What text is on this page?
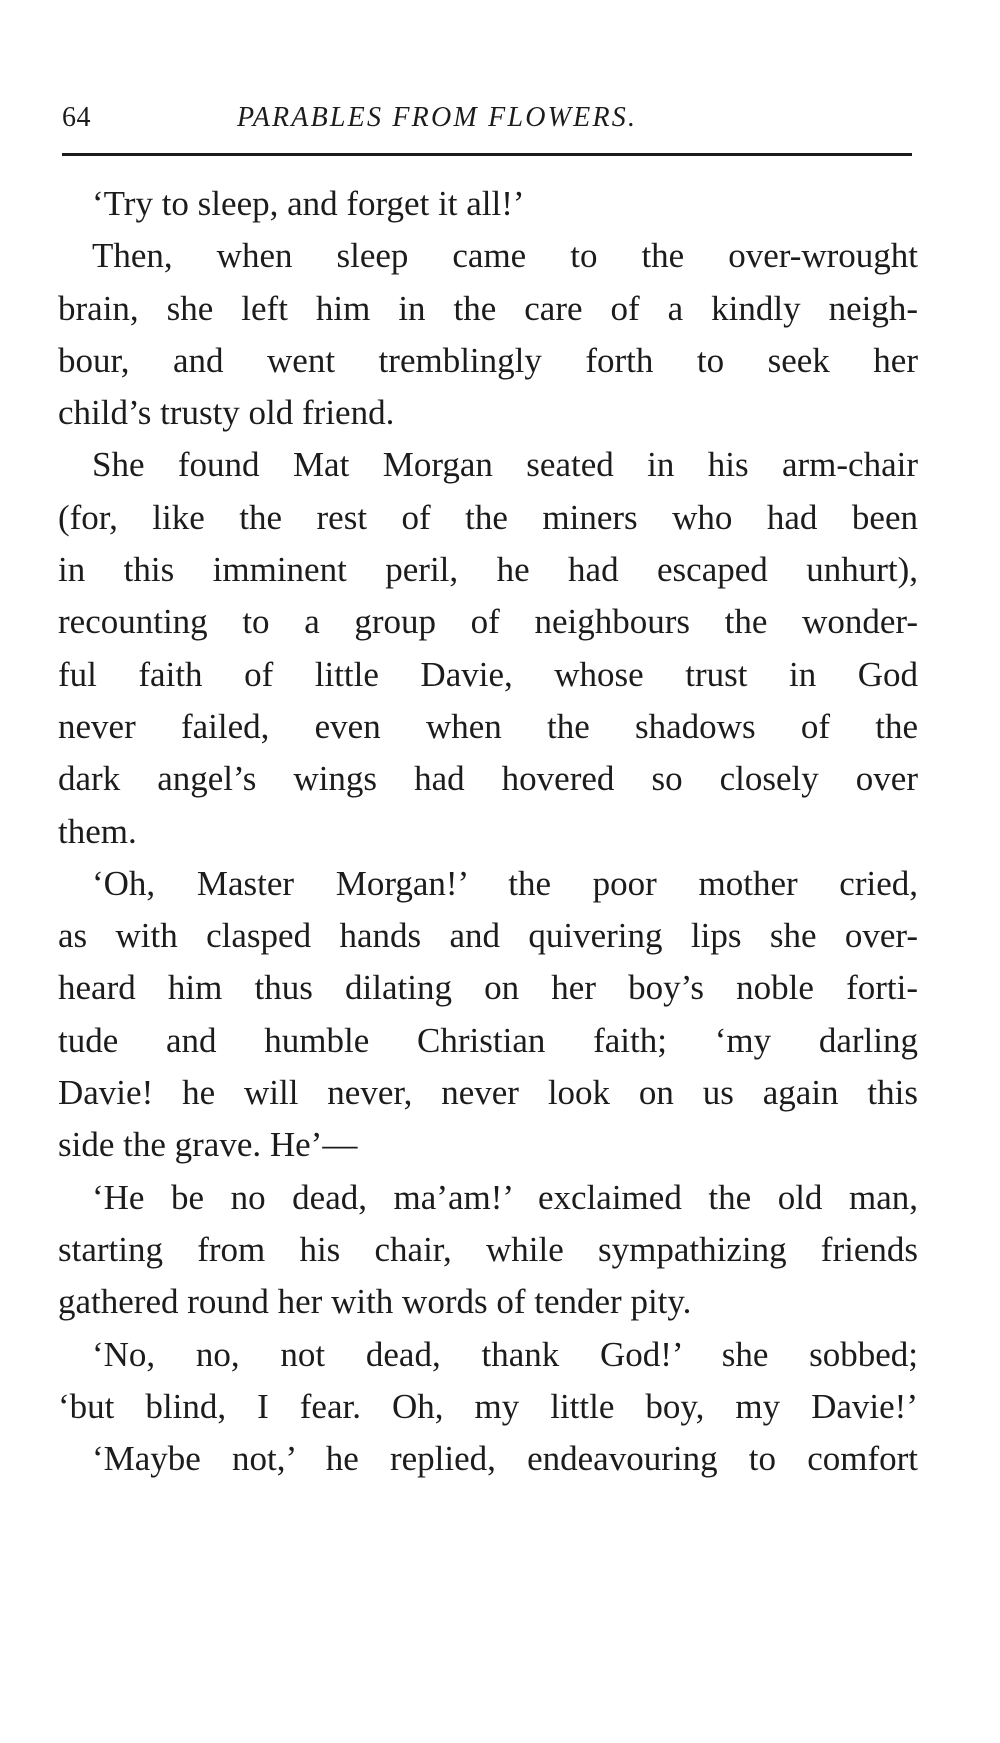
64	PARABLES FROM FLOWERS.
‘Try to sleep, and forget it all!’
Then, when sleep came to the over-wrought
brain, she left him in the care of a kindly neigh-
bour, and went tremblingly forth to seek her
child’s trusty old friend.
She found Mat Morgan seated in his arm-chair
(for, like the rest of the miners who had been
in this imminent peril, he had escaped unhurt),
recounting to a group of neighbours the wonder-
ful faith of little Davie, whose trust in God
never failed, even when the shadows of the
dark angel’s wings had hovered so closely over
them.
‘Oh, Master Morgan!’ the poor mother cried,
as with clasped hands and quivering lips she over-
heard him thus dilating on her boy’s noble forti-
tude and humble Christian faith; ‘my darling
Davie! he will never, never look on us again this
side the grave. He’—
‘He be no dead, ma’am!’ exclaimed the old man,
starting from his chair, while sympathizing friends
gathered round her with words of tender pity.
‘No, no, not dead, thank God!’ she sobbed;
‘but blind, I fear. Oh, my little boy, my Davie!’
‘Maybe not,’ he replied, endeavouring to comfort
